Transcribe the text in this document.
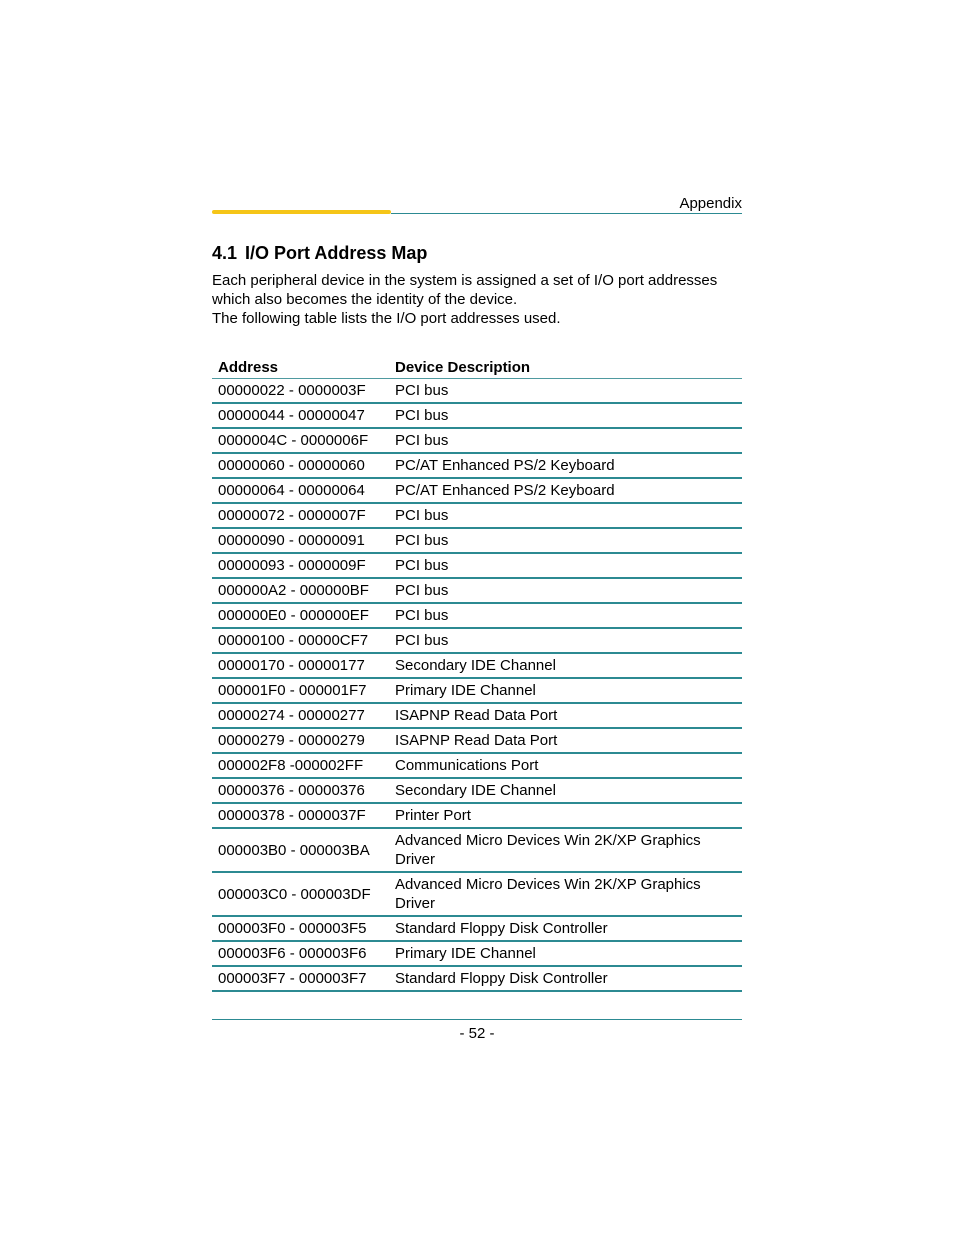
Appendix
4.1 I/O Port Address Map
Each peripheral device in the system is assigned a set of I/O port addresses
which also becomes the identity of the device.
The following table lists the I/O port addresses used.
Address	Device Description
00000022 - 0000003F	PCI bus
00000044 - 00000047	PCI bus
0000004C - 0000006F	PCI bus
00000060 - 00000060	PC/AT Enhanced PS/2 Keyboard
00000064 - 00000064	PC/AT Enhanced PS/2 Keyboard
00000072 - 0000007F	PCI bus
00000090 - 00000091	PCI bus
00000093 - 0000009F	PCI bus
000000A2 - 000000BF	PCI bus
000000E0 - 000000EF	PCI bus
00000100 - 00000CF7	PCI bus
00000170 - 00000177	Secondary IDE Channel
000001F0 - 000001F7	Primary IDE Channel
00000274 - 00000277	ISAPNP Read Data Port
00000279 - 00000279	ISAPNP Read Data Port
000002F8 -000002FF	Communications Port
00000376 - 00000376	Secondary IDE Channel
00000378 - 0000037F	Printer Port
000003B0 - 000003BA	Advanced Micro Devices Win 2K/XP Graphics
Driver

000003C0 - 000003DF	Advanced Micro Devices Win 2K/XP Graphics
Driver

000003F0 - 000003F5	Standard Floppy Disk Controller
000003F6 - 000003F6	Primary IDE Channel
000003F7 - 000003F7	Standard Floppy Disk Controller
- 52 -
